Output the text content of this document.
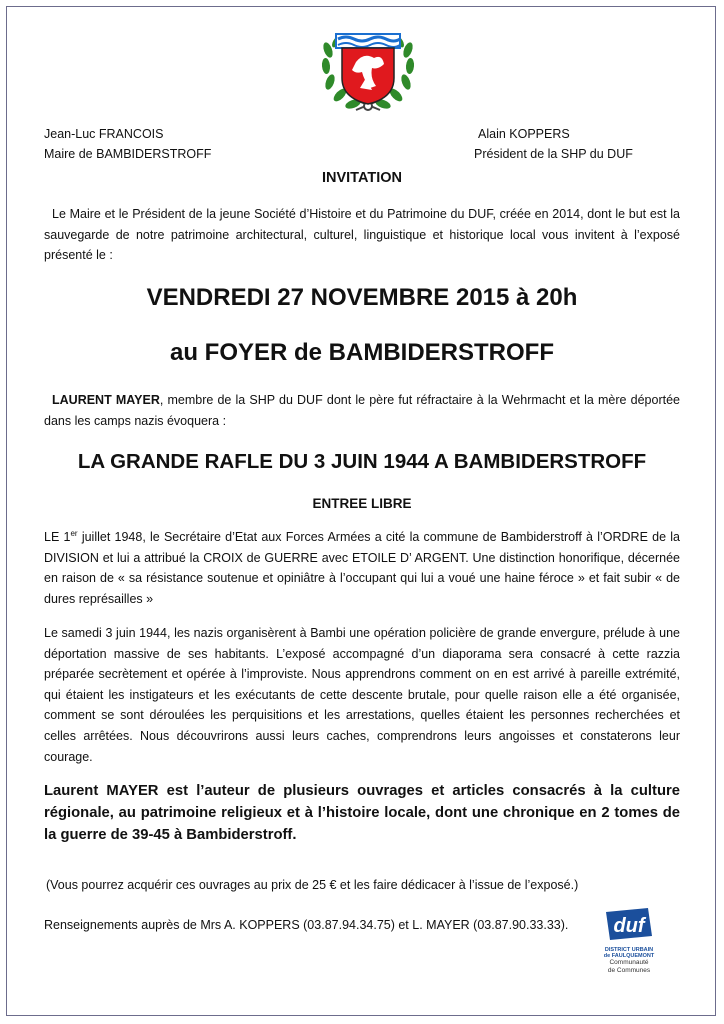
Jean-Luc FRANCOIS
Maire de BAMBIDERSTROFF
Alain KOPPERS
Président de la SHP du DUF
INVITATION
Le Maire et le Président de la jeune Société d’Histoire et du Patrimoine du DUF, créée en 2014, dont le but est la sauvegarde de notre patrimoine architectural, culturel, linguistique et historique local vous invitent à l’exposé présenté le :
VENDREDI 27 NOVEMBRE 2015 à 20h
au FOYER de BAMBIDERSTROFF
LAURENT MAYER, membre de la SHP du DUF dont le père fut réfractaire à la Wehrmacht et la mère déportée dans les camps nazis évoquera :
LA GRANDE RAFLE DU 3 JUIN 1944 A BAMBIDERSTROFF
ENTREE LIBRE
LE 1er juillet 1948, le Secrétaire d’Etat aux Forces Armées a cité la commune de Bambiderstroff à l’ORDRE de la DIVISION et lui a attribué la CROIX de GUERRE avec ETOILE D’ ARGENT. Une distinction honorifique, décernée en raison de « sa résistance soutenue et opiniâtre à l’occupant qui lui a voué une haine féroce » et fait subir « de dures représailles »
Le samedi 3 juin 1944, les nazis organisèrent à Bambi une opération policière de grande envergure, prélude à une déportation massive de ses habitants. L’exposé accompagné d’un diaporama sera consacré à cette razzia préparée secrètement et opérée à l’improviste. Nous apprendrons comment on en est arrivé à pareille extrémité, qui étaient les instigateurs et les exécutants de cette descente brutale, pour quelle raison elle a été organisée, comment se sont déroulées les perquisitions et les arrestations, quelles étaient les personnes recherchées et celles arrêtées. Nous découvrirons aussi leurs caches, comprendrons leurs angoisses et constaterons leur courage.
Laurent MAYER est l’auteur de plusieurs ouvrages et articles consacrés à la culture régionale, au patrimoine religieux et à l’histoire locale, dont une chronique en 2 tomes de la guerre de 39-45 à Bambiderstroff.
(Vous pourrez acquérir ces ouvrages au prix de 25 € et les faire dédicacer à l’issue de l’exposé.)
Renseignements auprès de Mrs A. KOPPERS (03.87.94.34.75) et L. MAYER (03.87.90.33.33). duf
DISTRICT URBAIN
de FAULQUEMONT
Communauté
de Communes
